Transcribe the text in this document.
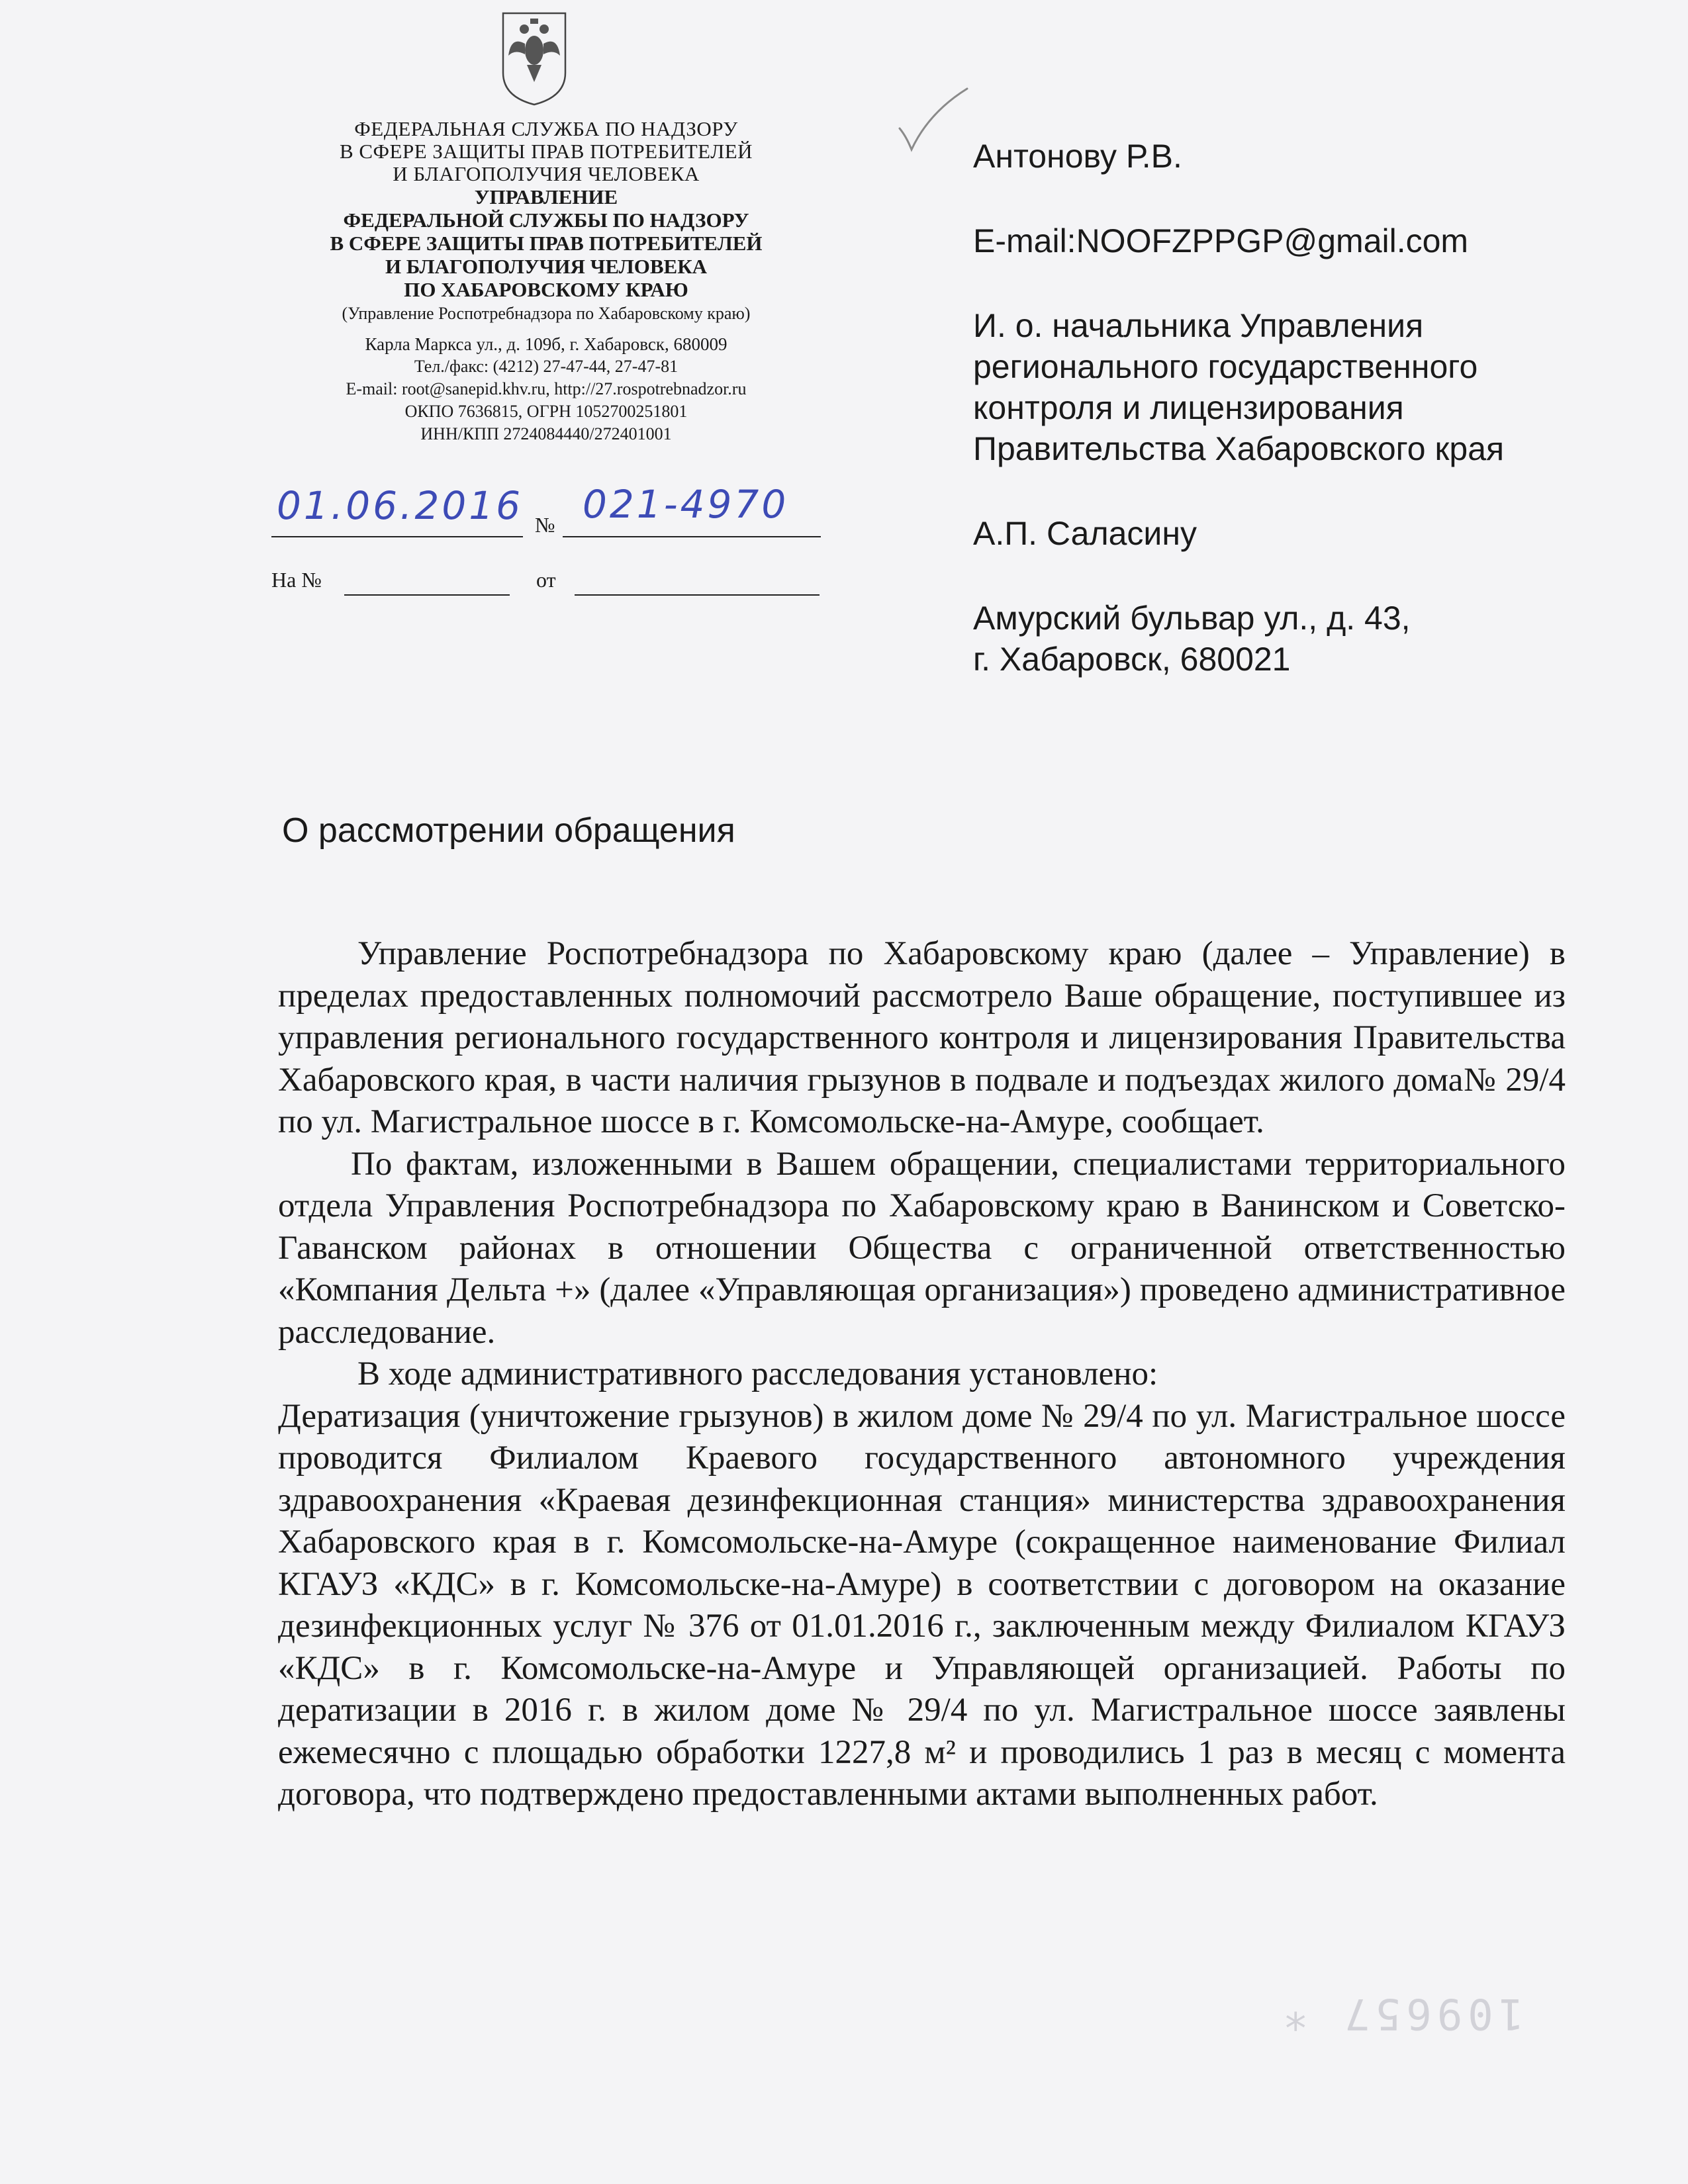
ФЕДЕРАЛЬНАЯ СЛУЖБА ПО НАДЗОРУ
В СФЕРЕ ЗАЩИТЫ ПРАВ ПОТРЕБИТЕЛЕЙ
И БЛАГОПОЛУЧИЯ ЧЕЛОВЕКА
УПРАВЛЕНИЕ
ФЕДЕРАЛЬНОЙ СЛУЖБЫ ПО НАДЗОРУ
В СФЕРЕ ЗАЩИТЫ ПРАВ ПОТРЕБИТЕЛЕЙ
И БЛАГОПОЛУЧИЯ ЧЕЛОВЕКА
ПО ХАБАРОВСКОМУ КРАЮ
(Управление Роспотребнадзора по Хабаровскому краю)
Карла Маркса ул., д. 109б, г. Хабаровск, 680009
Тел./факс: (4212) 27-47-44, 27-47-81
E-mail: root@sanepid.khv.ru, http://27.rospotrebnadzor.ru
ОКПО 7636815, ОГРН 1052700251801
ИНН/КПП 2724084440/272401001
01.06.2016 № 021-4970
На №	от
Антонову Р.В.
E-mail:NOOFZPPGP@gmail.com
И. о. начальника Управления
регионального государственного
контроля и лицензирования
Правительства Хабаровского края
А.П. Саласину
Амурский бульвар ул., д. 43,
г. Хабаровск, 680021
О рассмотрении обращения

Управление Роспотребнадзора по Хабаровскому краю (далее – Управление) в пределах предоставленных полномочий рассмотрело Ваше обращение, поступившее из управления регионального государственного контроля и лицензирования Правительства Хабаровского края, в части наличия грызунов в подвале и подъездах жилого дома№ 29/4 по ул. Магистральное шоссе в г. Комсомольске-на-Амуре, сообщает.

По фактам, изложенными в Вашем обращении, специалистами территориального отдела Управления Роспотребнадзора по Хабаровскому краю в Ванинском и Советско-Гаванском районах в отношении Общества с ограниченной ответственностью «Компания Дельта +» (далее «Управляющая организация») проведено административное расследование.

В ходе административного расследования установлено:

Дератизация (уничтожение грызунов) в жилом доме № 29/4 по ул. Магистральное шоссе проводится Филиалом Краевого государственного автономного учреждения здравоохранения «Краевая дезинфекционная станция» министерства здравоохранения Хабаровского края в г. Комсомольске-на-Амуре (сокращенное наименование Филиал КГАУЗ «КДС» в г. Комсомольске-на-Амуре) в соответствии с договором на оказание дезинфекционных услуг № 376 от 01.01.2016 г., заключенным между Филиалом КГАУЗ «КДС» в г. Комсомольске-на-Амуре и Управляющей организацией. Работы по дератизации в 2016 г. в жилом доме № 29/4 по ул. Магистральное шоссе заявлены ежемесячно с площадью обработки 1227,8 м² и проводились 1 раз в месяц с момента договора, что подтверждено предоставленными актами выполненных работ.

109657 *
